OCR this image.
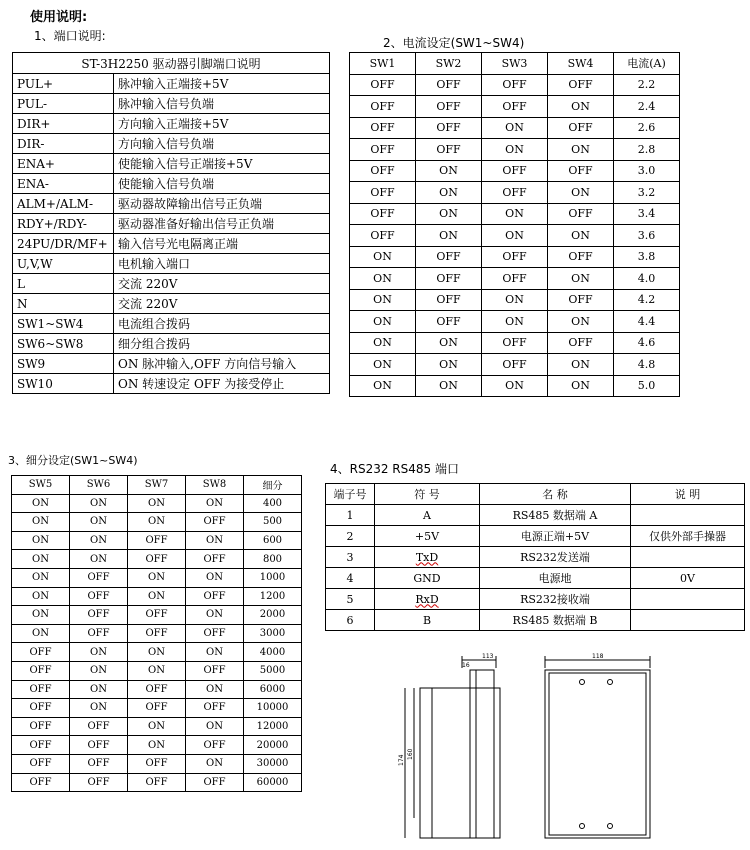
使用说明:
1、端口说明:
ST-3H2250 驱动器引脚端口说明	
PUL+	脉冲输入正端接+5V
PUL-	脉冲输入信号负端
DIR+	方向输入正端接+5V
DIR-	方向输入信号负端
ENA+	使能输入信号正端接+5V
ENA-	使能输入信号负端
ALM+/ALM-	驱动器故障输出信号正负端
RDY+/RDY-	驱动器准备好输出信号正负端
24PU/DR/MF+	输入信号光电隔离正端
U,V,W	电机输入端口
L	交流 220V
N	交流 220V
SW1~SW4	电流组合拨码
SW6~SW8	细分组合拨码
SW9	ON 脉冲输入,OFF 方向信号输入
SW10	ON 转速设定 OFF 为接受停止
2、电流设定(SW1~SW4)
SW1	SW2	SW3	SW4	电流(A)
OFF	OFF	OFF	OFF	2.2
OFF	OFF	OFF	ON	2.4
OFF	OFF	ON	OFF	2.6
OFF	OFF	ON	ON	2.8
OFF	ON	OFF	OFF	3.0
OFF	ON	OFF	ON	3.2
OFF	ON	ON	OFF	3.4
OFF	ON	ON	ON	3.6
ON	OFF	OFF	OFF	3.8
ON	OFF	OFF	ON	4.0
ON	OFF	ON	OFF	4.2
ON	OFF	ON	ON	4.4
ON	ON	OFF	OFF	4.6
ON	ON	OFF	ON	4.8
ON	ON	ON	ON	5.0
3、细分设定(SW1~SW4)
SW5	SW6	SW7	SW8	细分
ON	ON	ON	ON	400
ON	ON	ON	OFF	500
ON	ON	OFF	ON	600
ON	ON	OFF	OFF	800
ON	OFF	ON	ON	1000
ON	OFF	ON	OFF	1200
ON	OFF	OFF	ON	2000
ON	OFF	OFF	OFF	3000
OFF	ON	ON	ON	4000
OFF	ON	ON	OFF	5000
OFF	ON	OFF	ON	6000
OFF	ON	OFF	OFF	10000
OFF	OFF	ON	ON	12000
OFF	OFF	ON	OFF	20000
OFF	OFF	OFF	ON	30000
OFF	OFF	OFF	OFF	60000
4、RS232 RS485 端口
端子号	符 号	名 称	说 明
1	A	RS485 数据端 A	
2	+5V	电源正端+5V	仅供外部手操器
3	TxD	RS232发送端	
4	GND	电源地	0V
5	RxD	RS232接收端	
6	B	RS485 数据端 B	
113
16
174
160
118
